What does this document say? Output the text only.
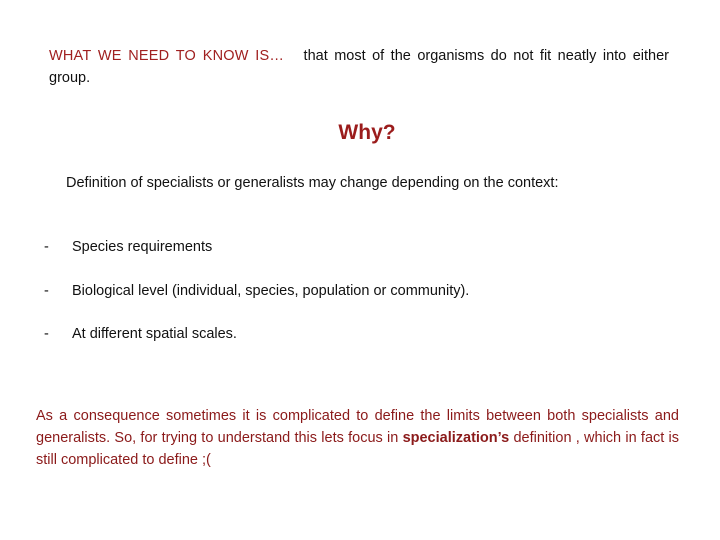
WHAT WE NEED TO KNOW IS… that most of the organisms do not fit neatly into either group.

Why?
Definition of specialists or generalists may change depending on the context:
-	Species requirements
-	Biological level (individual, species, population or community).
-	At different spatial scales.

As a consequence sometimes it is complicated to define the limits between both specialists and generalists. So, for trying to understand this lets focus in specialization’s definition , which in fact is still complicated to define ;(
